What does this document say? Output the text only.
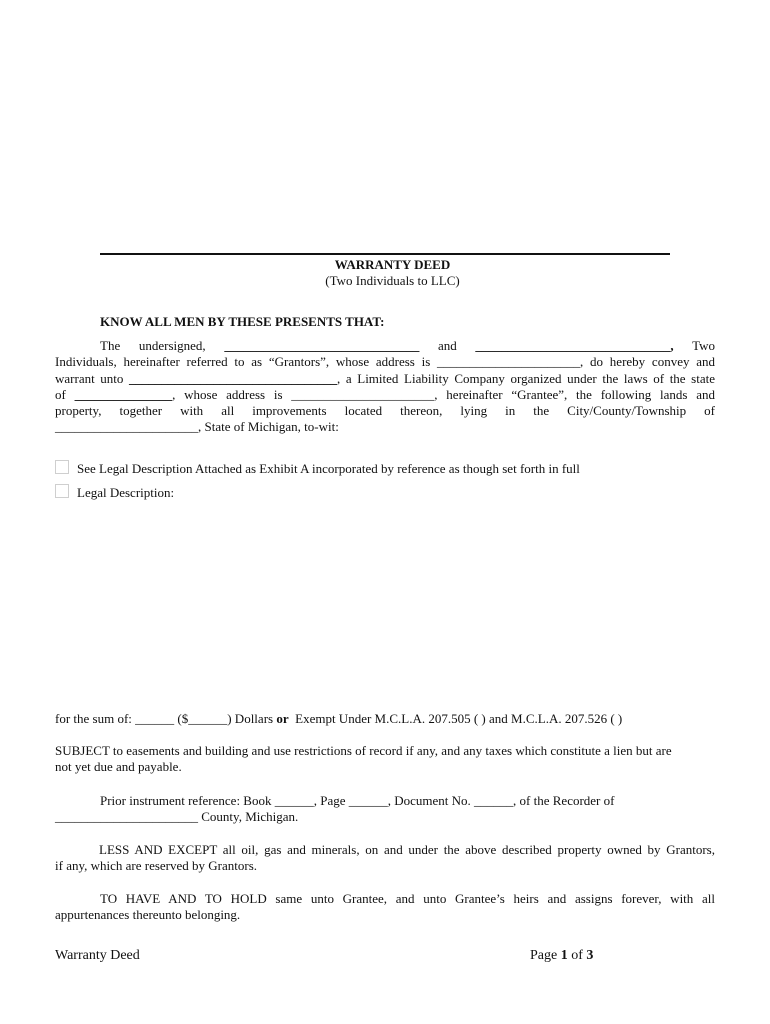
WARRANTY DEED
(Two Individuals to LLC)
KNOW ALL MEN BY THESE PRESENTS THAT:
The undersigned, ______________________________ and ______________________________, Two
Individuals, hereinafter referred to as “Grantors”, whose address is ______________________, do hereby convey and
warrant unto ________________________________, a Limited Liability Company organized under the laws of the state
of _______________, whose address is ______________________, hereinafter “Grantee”, the following lands and
property, together with all improvements located thereon, lying in the City/County/Township of
______________________, State of Michigan, to-wit:
See Legal Description Attached as Exhibit A incorporated by reference as though set forth in full
Legal Description:
for the sum of: ______ ($______) Dollars or Exempt Under M.C.L.A. 207.505 ( ) and M.C.L.A. 207.526 ( )
SUBJECT to easements and building and use restrictions of record if any, and any taxes which constitute a lien but are
not yet due and payable.
Prior instrument reference: Book ______, Page ______, Document No. ______, of the Recorder of
______________________ County, Michigan.
LESS AND EXCEPT all oil, gas and minerals, on and under the above described property owned by Grantors,
if any, which are reserved by Grantors.
TO HAVE AND TO HOLD same unto Grantee, and unto Grantee’s heirs and assigns forever, with all
appurtenances thereunto belonging.
Warranty Deed	Page 1 of 3
